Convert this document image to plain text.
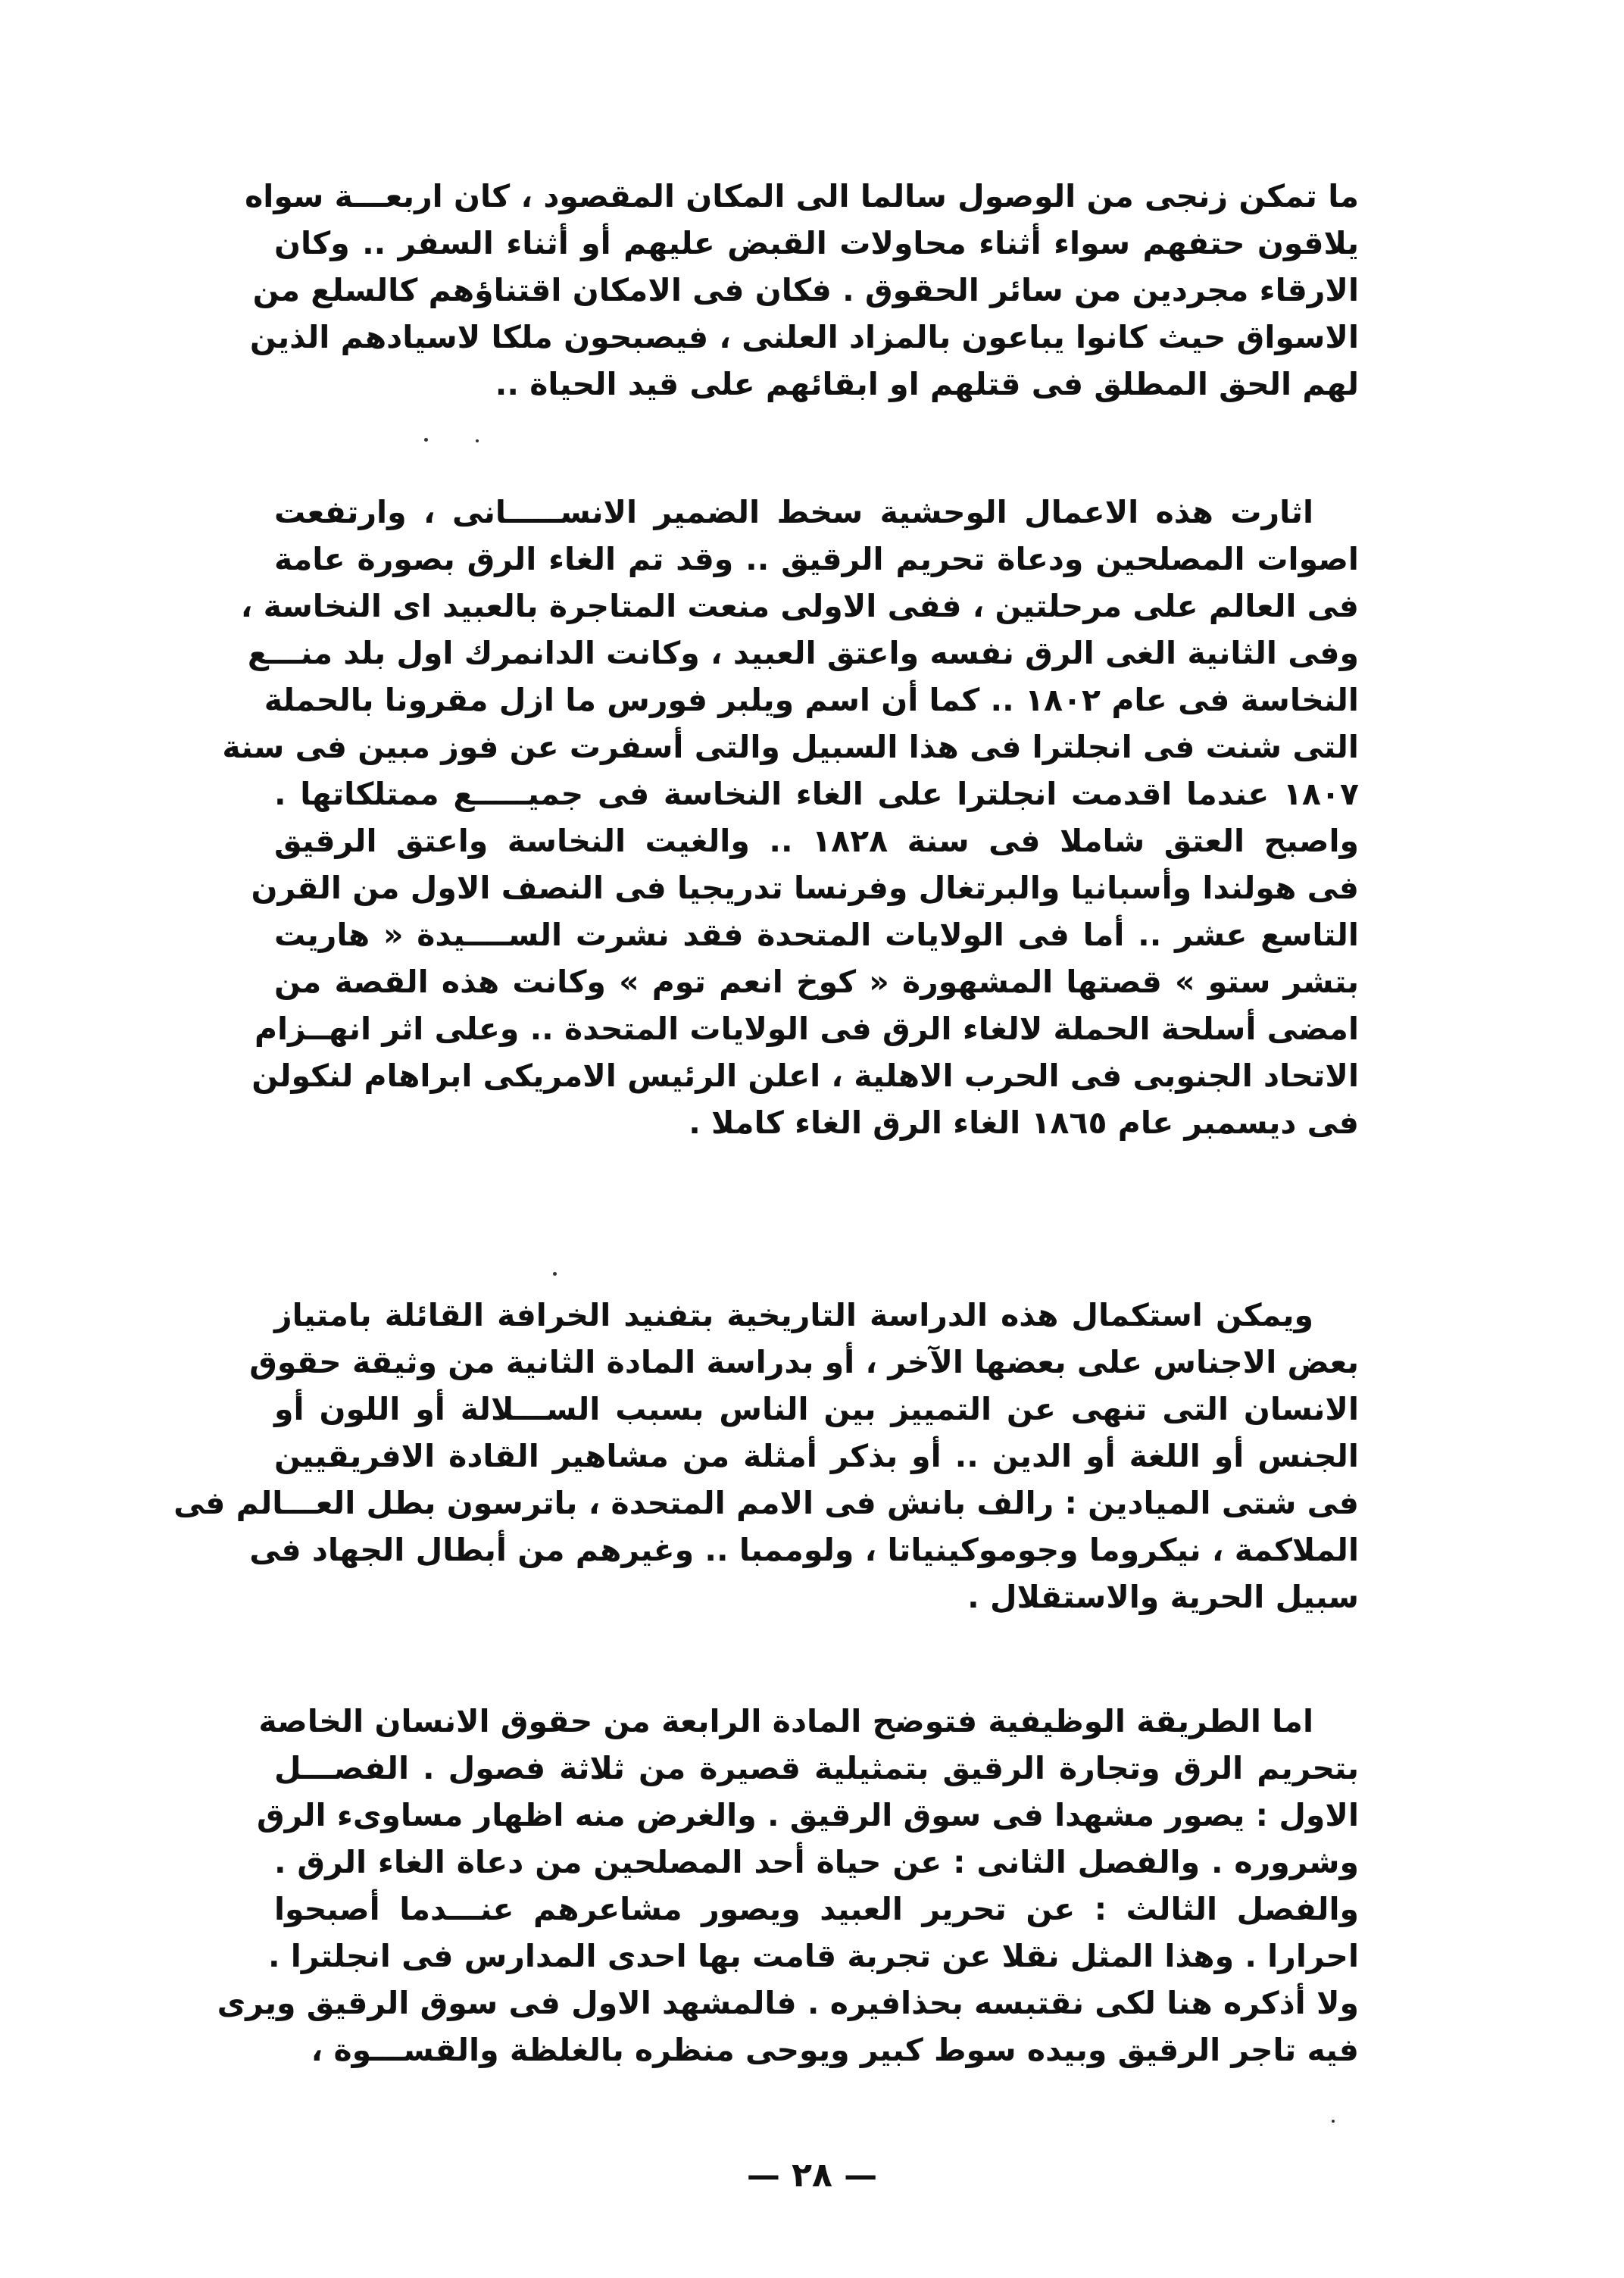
ما تمكن زنجى من الوصول سالما الى المكان المقصود ، كان اربعـــة سواه
يلاقون حتفهم سواء أثناء محاولات القبض عليهم أو أثناء السفر .. وكان
الارقاء مجردين من سائر الحقوق . فكان فى الامكان اقتناؤهم كالسلع من
الاسواق حيث كانوا يباعون بالمزاد العلنى ، فيصبحون ملكا لاسيادهم الذين
لهم الحق المطلق فى قتلهم او ابقائهم على قيد الحياة ..
اثارت هذه الاعمال الوحشية سخط الضمير الانســـــانى ، وارتفعت
اصوات المصلحين ودعاة تحريم الرقيق .. وقد تم الغاء الرق بصورة عامة
فى العالم على مرحلتين ، ففى الاولى منعت المتاجرة بالعبيد اى النخاسة ،
وفى الثانية الغى الرق نفسه واعتق العبيد ، وكانت الدانمرك اول بلد منـــع
النخاسة فى عام ١٨٠٢ .. كما أن اسم ويلبر فورس ما ازل مقرونا بالحملة
التى شنت فى انجلترا فى هذا السبيل والتى أسفرت عن فوز مبين فى سنة
١٨٠٧ عندما اقدمت انجلترا على الغاء النخاسة فى جميـــــع ممتلكاتها .
واصبح العتق شاملا فى سنة ١٨٢٨ .. والغيت النخاسة واعتق الرقيق
فى هولندا وأسبانيا والبرتغال وفرنسا تدريجيا فى النصف الاول من القرن
التاسع عشر .. أما فى الولايات المتحدة فقد نشرت الســــيدة « هاريت
بتشر ستو » قصتها المشهورة « كوخ انعم توم » وكانت هذه القصة من
امضى أسلحة الحملة لالغاء الرق فى الولايات المتحدة .. وعلى اثر انهــزام
الاتحاد الجنوبى فى الحرب الاهلية ، اعلن الرئيس الامريكى ابراهام لنكولن
فى ديسمبر عام ١٨٦٥ الغاء الرق الغاء كاملا .
ويمكن استكمال هذه الدراسة التاريخية بتفنيد الخرافة القائلة بامتياز
بعض الاجناس على بعضها الآخر ، أو بدراسة المادة الثانية من وثيقة حقوق
الانسان التى تنهى عن التمييز بين الناس بسبب الســـلالة أو اللون أو
الجنس أو اللغة أو الدين .. أو بذكر أمثلة من مشاهير القادة الافريقيين
فى شتى الميادين : رالف بانش فى الامم المتحدة ، باترسون بطل العـــالم فى
الملاكمة ، نيكروما وجوموكينياتا ، ولوممبا .. وغيرهم من أبطال الجهاد فى
سبيل الحرية والاستقلال .
اما الطريقة الوظيفية فتوضح المادة الرابعة من حقوق الانسان الخاصة
بتحريم الرق وتجارة الرقيق بتمثيلية قصيرة من ثلاثة فصول . الفصـــل
الاول : يصور مشهدا فى سوق الرقيق . والغرض منه اظهار مساوىء الرق
وشروره . والفصل الثانى : عن حياة أحد المصلحين من دعاة الغاء الرق .
والفصل الثالث : عن تحرير العبيد ويصور مشاعرهم عنـــدما أصبحوا
احرارا . وهذا المثل نقلا عن تجربة قامت بها احدى المدارس فى انجلترا .
ولا أذكره هنا لكى نقتبسه بحذافيره . فالمشهد الاول فى سوق الرقيق ويرى
فيه تاجر الرقيق وبيده سوط كبير ويوحى منظره بالغلظة والقســـوة ،
— ٢٨ —
